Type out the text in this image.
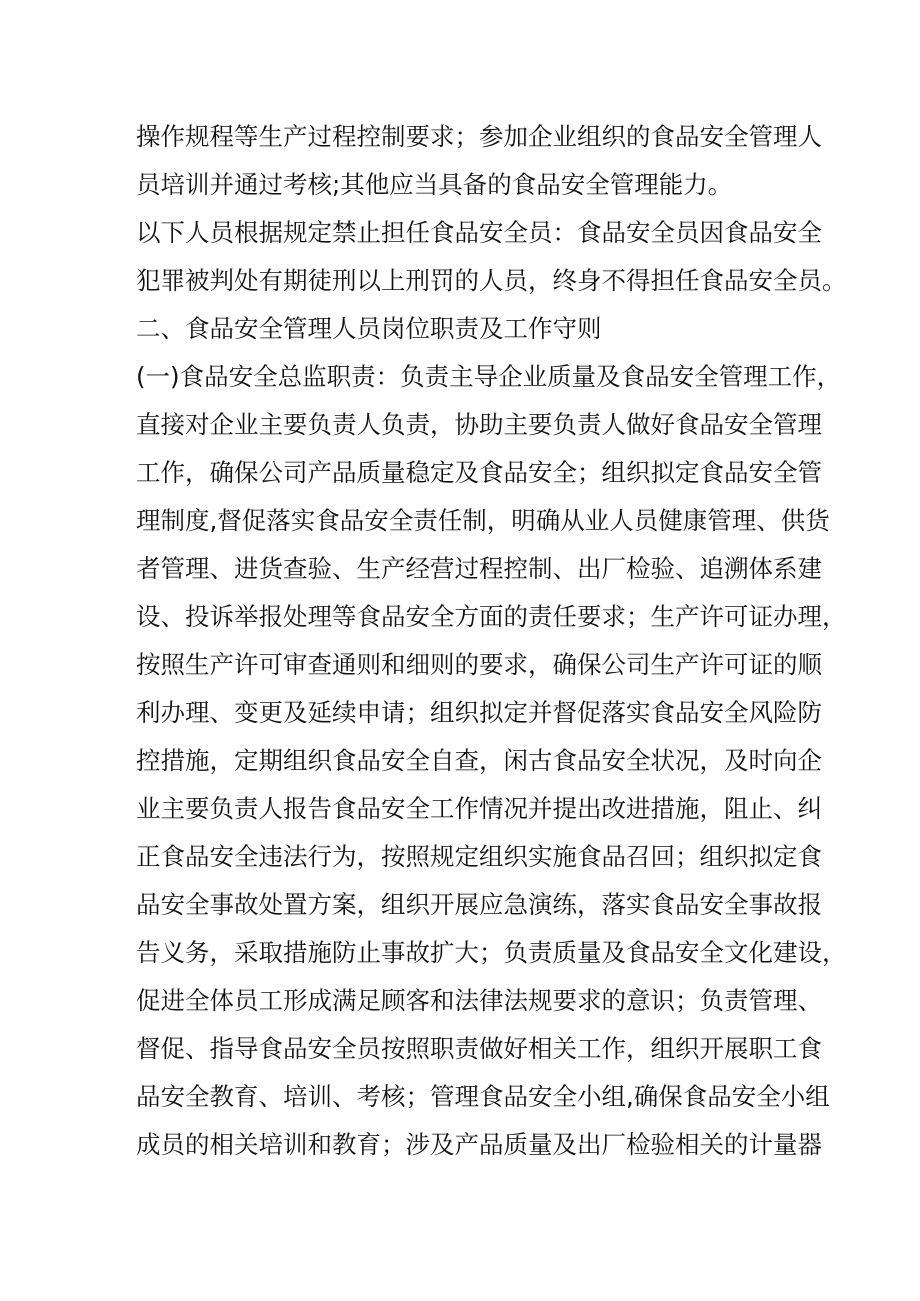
操作规程等生产过程控制要求；参加企业组织的食品安全管理人
员培训并通过考核;其他应当具备的食品安全管理能力。
以下人员根据规定禁止担任食品安全员：食品安全员因食品安全
犯罪被判处有期徒刑以上刑罚的人员，终身不得担任食品安全员。
二、食品安全管理人员岗位职责及工作守则
(一)食品安全总监职责：负责主导企业质量及食品安全管理工作，
直接对企业主要负责人负责，协助主要负责人做好食品安全管理
工作，确保公司产品质量稳定及食品安全；组织拟定食品安全管
理制度,督促落实食品安全责任制，明确从业人员健康管理、供货
者管理、进货查验、生产经营过程控制、出厂检验、追溯体系建
设、投诉举报处理等食品安全方面的责任要求；生产许可证办理，
按照生产许可审查通则和细则的要求，确保公司生产许可证的顺
利办理、变更及延续申请；组织拟定并督促落实食品安全风险防
控措施，定期组织食品安全自查，闲古食品安全状况，及时向企
业主要负责人报告食品安全工作情况并提出改进措施，阻止、纠
正食品安全违法行为，按照规定组织实施食品召回；组织拟定食
品安全事故处置方案，组织开展应急演练，落实食品安全事故报
告义务，采取措施防止事故扩大；负责质量及食品安全文化建设，
促进全体员工形成满足顾客和法律法规要求的意识；负责管理、
督促、指导食品安全员按照职责做好相关工作，组织开展职工食
品安全教育、培训、考核；管理食品安全小组,确保食品安全小组
成员的相关培训和教育；涉及产品质量及出厂检验相关的计量器
